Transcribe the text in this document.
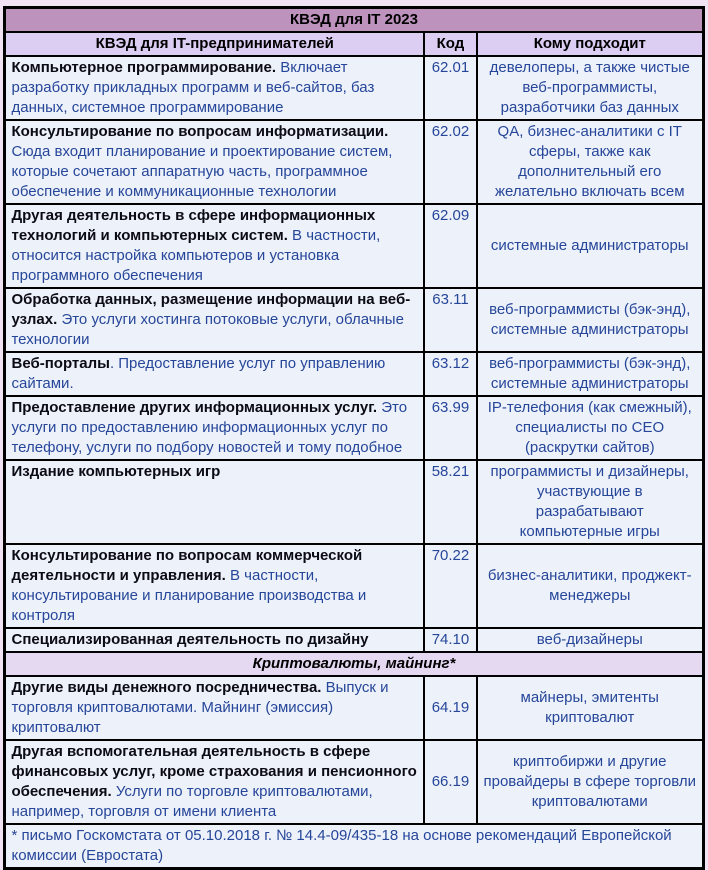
КВЭД для IT 2023		
КВЭД для IT-предпринимателей	Код	Кому подходит
Компьютерное программирование. Включает разработку прикладных программ и веб-сайтов, баз данных, системное программирование	62.01	девелоперы, а также чистые веб-программисты, разработчики баз данных
Консультирование по вопросам информатизации. Сюда входит планирование и проектирование систем, которые сочетают аппаратную часть, программное обеспечение и коммуникационные технологии	62.02	QA, бизнес-аналитики с IT сферы, также как дополнительный его желательно включать всем
Другая деятельность в сфере информационных технологий и компьютерных систем. В частности, относится настройка компьютеров и установка программного обеспечения	62.09	системные администраторы
Обработка данных, размещение информации на веб-узлах. Это услуги хостинга потоковые услуги, облачные технологии	63.11	веб-программисты (бэк-энд), системные администраторы
Веб-порталы. Предоставление услуг по управлению сайтами.	63.12	веб-программисты (бэк-энд), системные администраторы
Предоставление других информационных услуг. Это услуги по предоставлению информационных услуг по телефону, услуги по подбору новостей и тому подобное	63.99	IP-телефония (как смежный), специалисты по СЕО (раскрутки сайтов)
Издание компьютерных игр	58.21	программисты и дизайнеры, участвующие в разрабатывают компьютерные игры
Консультирование по вопросам коммерческой деятельности и управления. В частности, консультирование и планирование производства и контроля	70.22	бизнес-аналитики, проджект-менеджеры
Специализированная деятельность по дизайну	74.10	веб-дизайнеры
Криптовалюты, майнинг*		
Другие виды денежного посредничества. Выпуск и торговля криптовалютами. Майнинг (эмиссия) криптовалют	64.19	майнеры, эмитенты криптовалют
Другая вспомогательная деятельность в сфере финансовых услуг, кроме страхования и пенсионного обеспечения. Услуги по торговле криптовалютами, например, торговля от имени клиента	66.19	криптобиржи и другие провайдеры в сфере торговли криптовалютами
* письмо Госкомстата от 05.10.2018 г. № 14.4-09/435-18 на основе рекомендаций Европейской комиссии (Евростата)		
